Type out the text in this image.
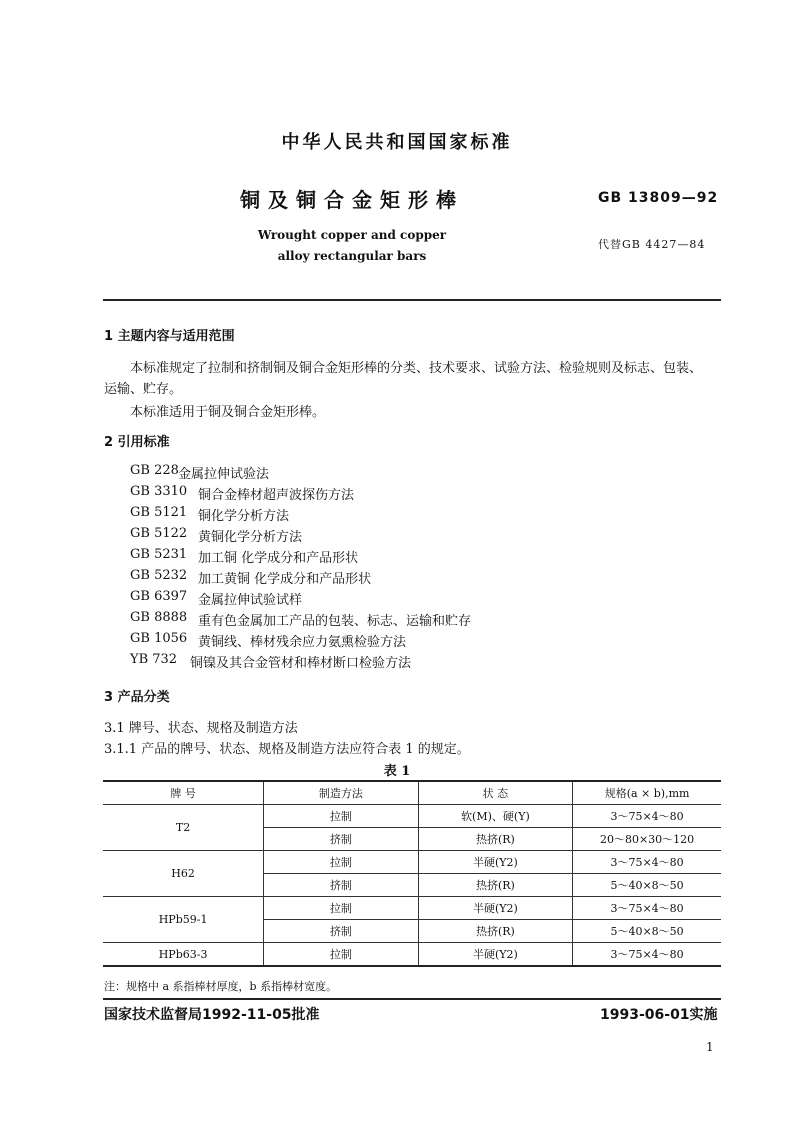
中华人民共和国国家标准
铜及铜合金矩形棒	GB 13809—92
Wrought copper and copper
alloy rectangular bars
代替GB 4427—84
1 主题内容与适用范围
本标准规定了拉制和挤制铜及铜合金矩形棒的分类、技术要求、试验方法、检验规则及标志、包装、
运输、贮存。
本标准适用于铜及铜合金矩形棒。
2 引用标准
GB 228 金属拉伸试验法
GB 3310 铜合金棒材超声波探伤方法
GB 5121 铜化学分析方法
GB 5122 黄铜化学分析方法
GB 5231 加工铜 化学成分和产品形状
GB 5232 加工黄铜 化学成分和产品形状
GB 6397 金属拉伸试验试样
GB 8888 重有色金属加工产品的包装、标志、运输和贮存
GB 1056 黄铜线、棒材残余应力氨熏检验方法
YB 732 铜镍及其合金管材和棒材断口检验方法
3 产品分类
3.1 牌号、状态、规格及制造方法
3.1.1 产品的牌号、状态、规格及制造方法应符合表 1 的规定。
表 1
牌 号	制造方法	状 态	规格(a × b),mm
T2	拉制	软(M)、硬(Y)	3～75×4～80
	挤制	热挤(R)	20～80×30～120
H62	拉制	半硬(Y2)	3～75×4～80
	挤制	热挤(R)	5～40×8～50
HPb59-1	拉制	半硬(Y2)	3～75×4～80
	挤制	热挤(R)	5～40×8～50
HPb63-3	拉制	半硬(Y2)	3～75×4～80
注：规格中 a 系指棒材厚度，b 系指棒材宽度。
国家技术监督局1992-11-05批准	1993-06-01实施
1
